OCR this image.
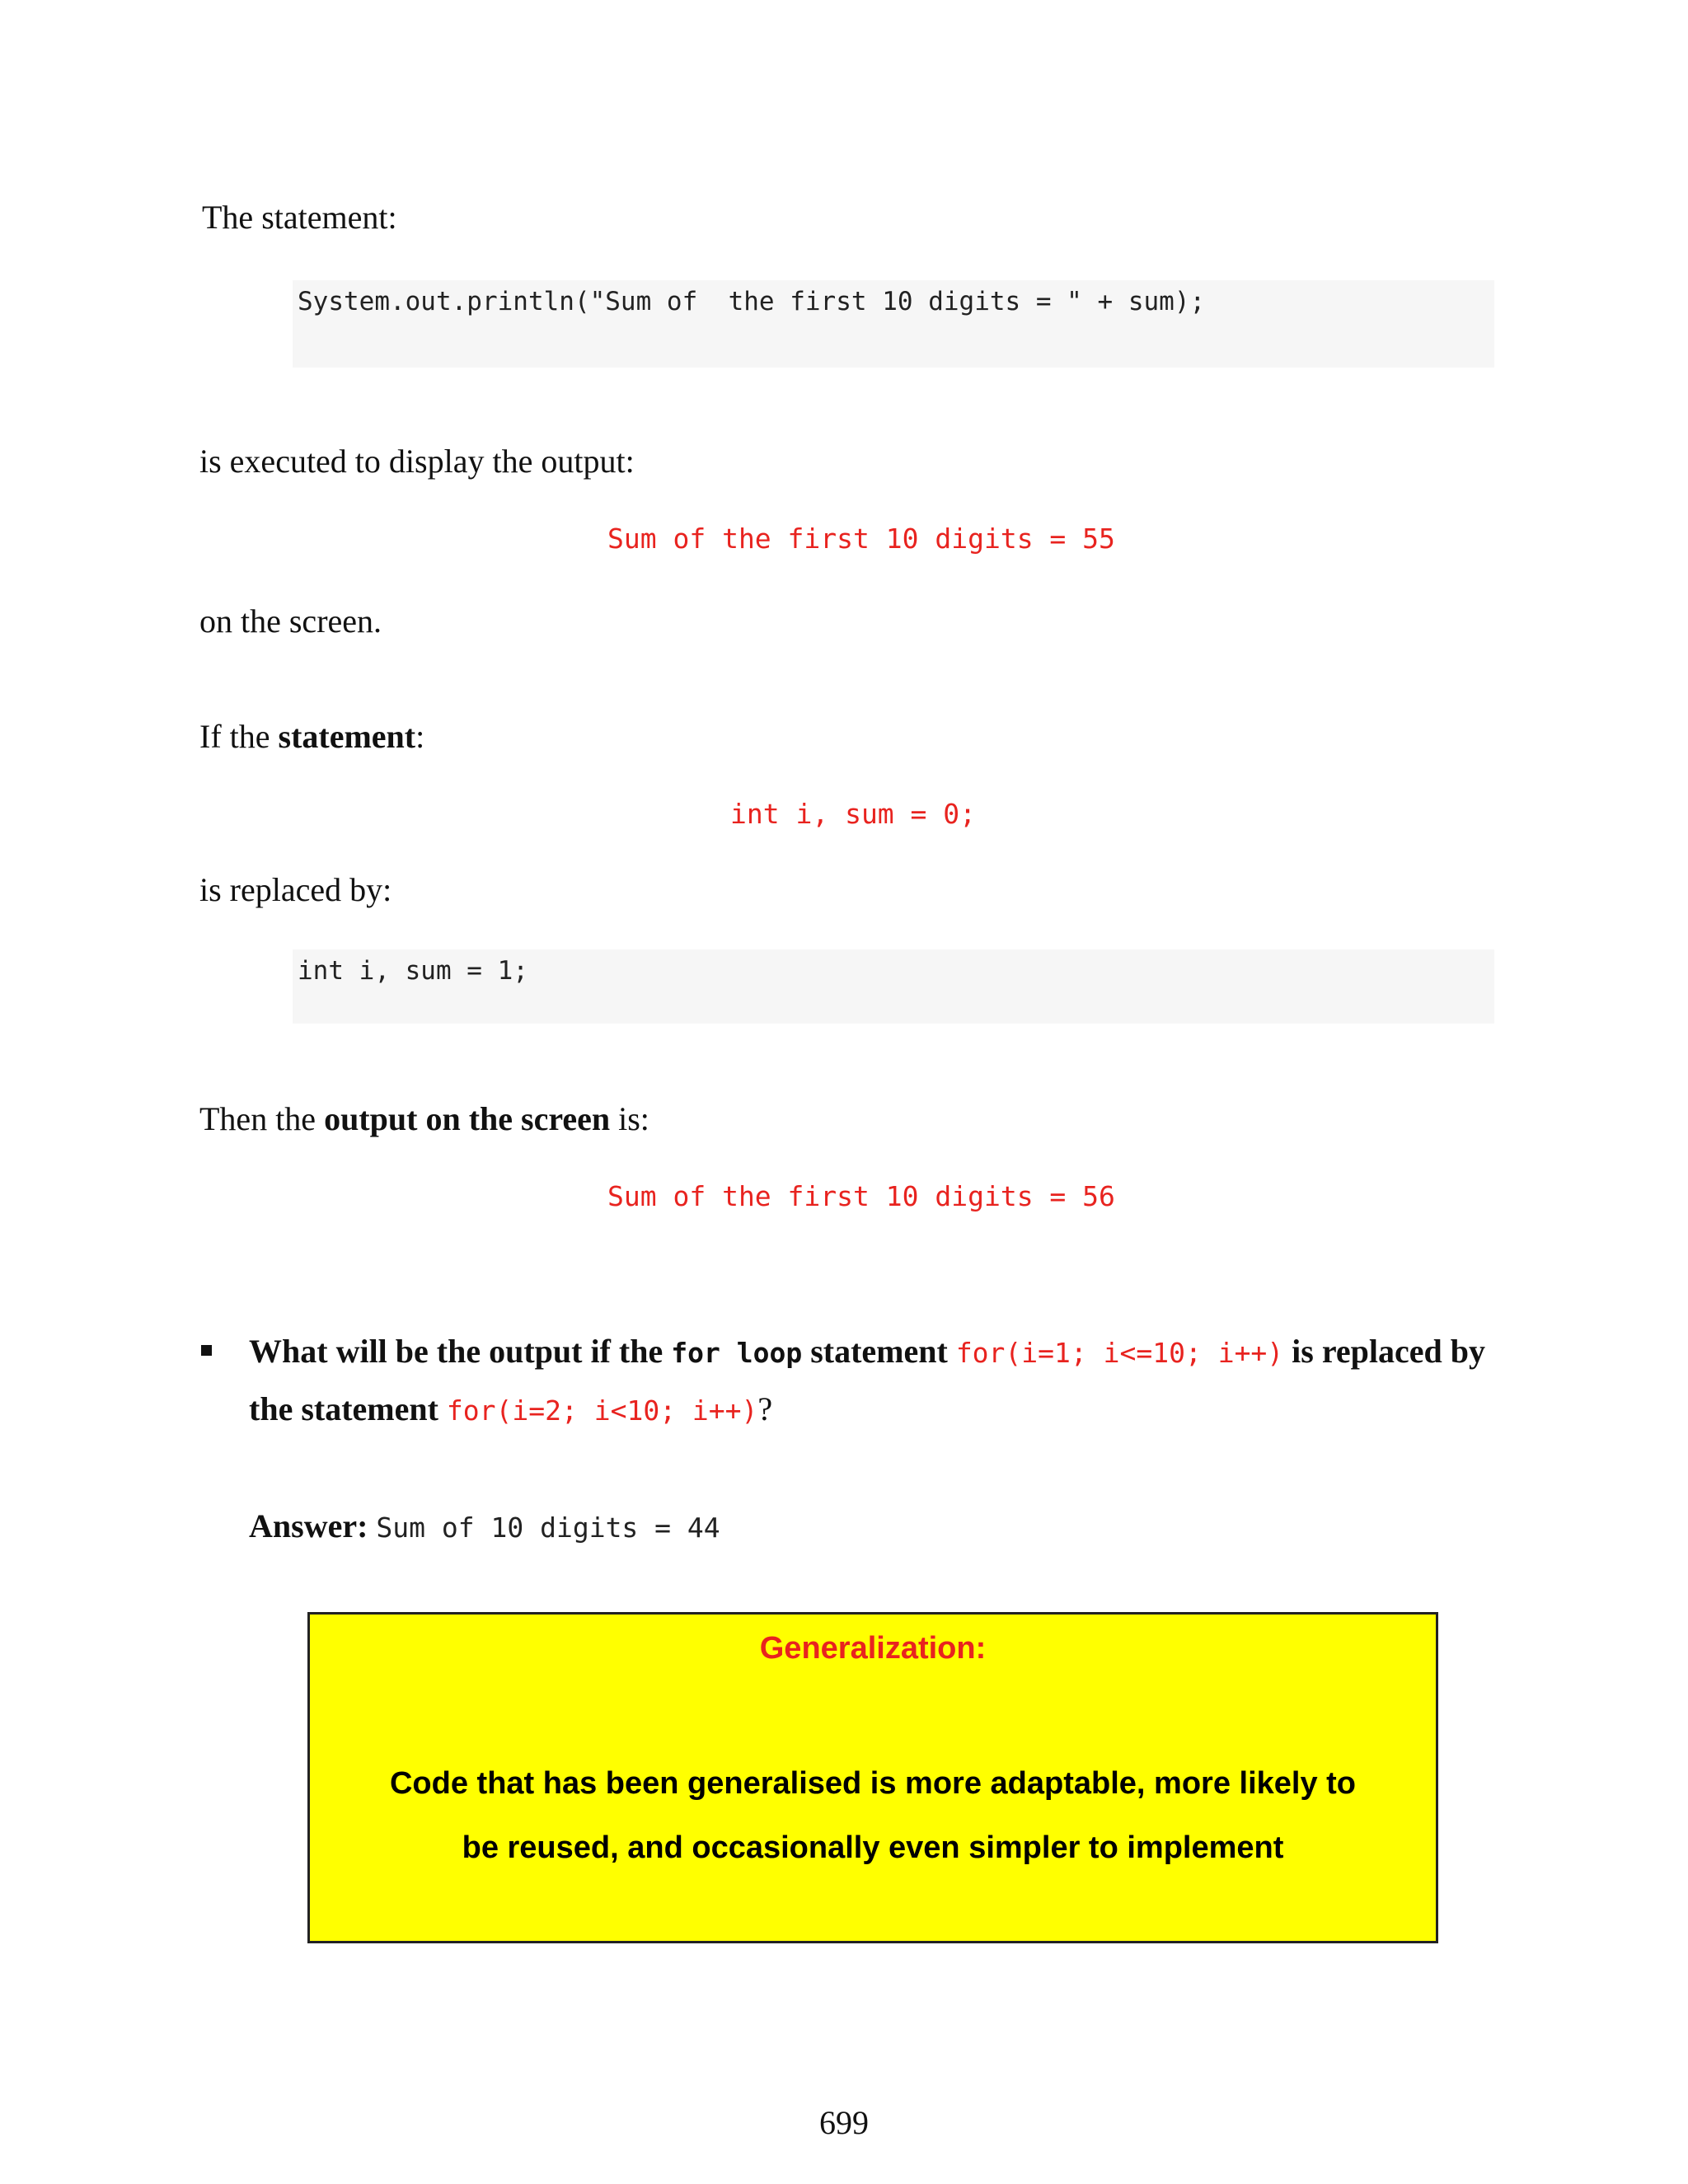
The statement:
System.out.println("Sum of  the first 10 digits = " + sum);
is executed to display the output:
Sum of the first 10 digits = 55
on the screen.
If the statement:
int i, sum = 0;
is replaced by:
int i, sum = 1;
Then the output on the screen is:
Sum of the first 10 digits = 56
What will be the output if the for loop statement for(i=1; i<=10; i++) is replaced by
the statement for(i=2; i<10; i++)?
Answer: Sum of 10 digits = 44
Generalization:
Code that has been generalised is more adaptable, more likely to
be reused, and occasionally even simpler to implement
699
